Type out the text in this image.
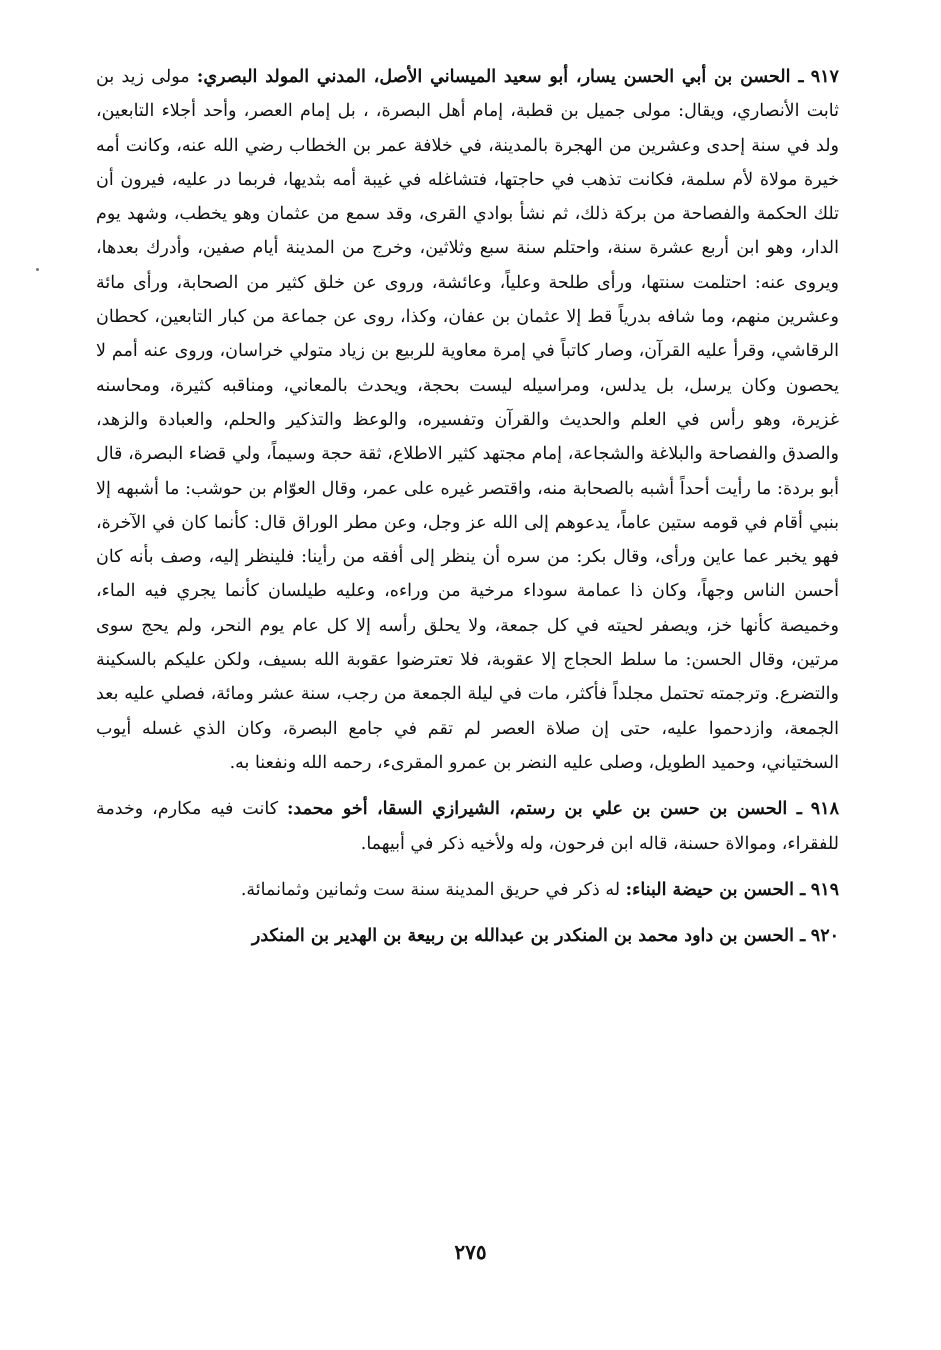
٩١٧ ـ الحسن بن أبي الحسن يسار، أبو سعيد الميساني الأصل، المدني المولد البصري: مولى زيد بن ثابت الأنصاري، ويقال: مولى جميل بن قطبة، إمام أهل البصرة، ، بل إمام العصر، وأحد أجلاء التابعين، ولد في سنة إحدى وعشرين من الهجرة بالمدينة، في خلافة عمر بن الخطاب رضي الله عنه، وكانت أمه خيرة مولاة لأم سلمة، فكانت تذهب في حاجتها، فتشاغله في غيبة أمه بثديها، فربما در عليه، فيرون أن تلك الحكمة والفصاحة من بركة ذلك، ثم نشأ بوادي القرى، وقد سمع من عثمان وهو يخطب، وشهد يوم الدار، وهو ابن أربع عشرة سنة، واحتلم سنة سبع وثلاثين، وخرج من المدينة أيام صفين، وأدرك بعدها، ويروى عنه: احتلمت سنتها، ورأى طلحة وعلياً، وعائشة، وروى عن خلق كثير من الصحابة، ورأى مائة وعشرين منهم، وما شافه بدرياً قط إلا عثمان بن عفان، وكذا، روى عن جماعة من كبار التابعين، كحطان الرقاشي، وقرأ عليه القرآن، وصار كاتباً في إمرة معاوية للربيع بن زياد متولي خراسان، وروى عنه أمم لا يحصون وكان يرسل، بل يدلس، ومراسيله ليست بحجة، ويحدث بالمعاني، ومناقبه كثيرة، ومحاسنه غزيرة، وهو رأس في العلم والحديث والقرآن وتفسيره، والوعظ والتذكير والحلم، والعبادة والزهد، والصدق والفصاحة والبلاغة والشجاعة، إمام مجتهد كثير الاطلاع، ثقة حجة وسيماً، ولي قضاء البصرة، قال أبو بردة: ما رأيت أحداً أشبه بالصحابة منه، واقتصر غيره على عمر، وقال العوّام بن حوشب: ما أشبهه إلا بنبي أقام في قومه ستين عاماً، يدعوهم إلى الله عز وجل، وعن مطر الوراق قال: كأنما كان في الآخرة، فهو يخبر عما عاين ورأى، وقال بكر: من سره أن ينظر إلى أفقه من رأينا: فلينظر إليه، وصف بأنه كان أحسن الناس وجهاً، وكان ذا عمامة سوداء مرخية من وراءه، وعليه طيلسان كأنما يجري فيه الماء، وخميصة كأنها خز، ويصفر لحيته في كل جمعة، ولا يحلق رأسه إلا كل عام يوم النحر، ولم يحج سوى مرتين، وقال الحسن: ما سلط الحجاج إلا عقوبة، فلا تعترضوا عقوبة الله بسيف، ولكن عليكم بالسكينة والتضرع. وترجمته تحتمل مجلداً فأكثر، مات في ليلة الجمعة من رجب، سنة عشر ومائة، فصلي عليه بعد الجمعة، وازدحموا عليه، حتى إن صلاة العصر لم تقم في جامع البصرة، وكان الذي غسله أيوب السختياني، وحميد الطويل، وصلى عليه النضر بن عمرو المقرىء، رحمه الله ونفعنا به.

٩١٨ ـ الحسن بن حسن بن علي بن رستم، الشيرازي السقا، أخو محمد: كانت فيه مكارم، وخدمة للفقراء، وموالاة حسنة، قاله ابن فرحون، وله ولأخيه ذكر في أبيهما.

٩١٩ ـ الحسن بن حيضة البناء: له ذكر في حريق المدينة سنة ست وثمانين وثمانمائة.

٩٢٠ ـ الحسن بن داود محمد بن المنكدر بن عبدالله بن ربيعة بن الهدير بن المنكدر

٢٧٥
